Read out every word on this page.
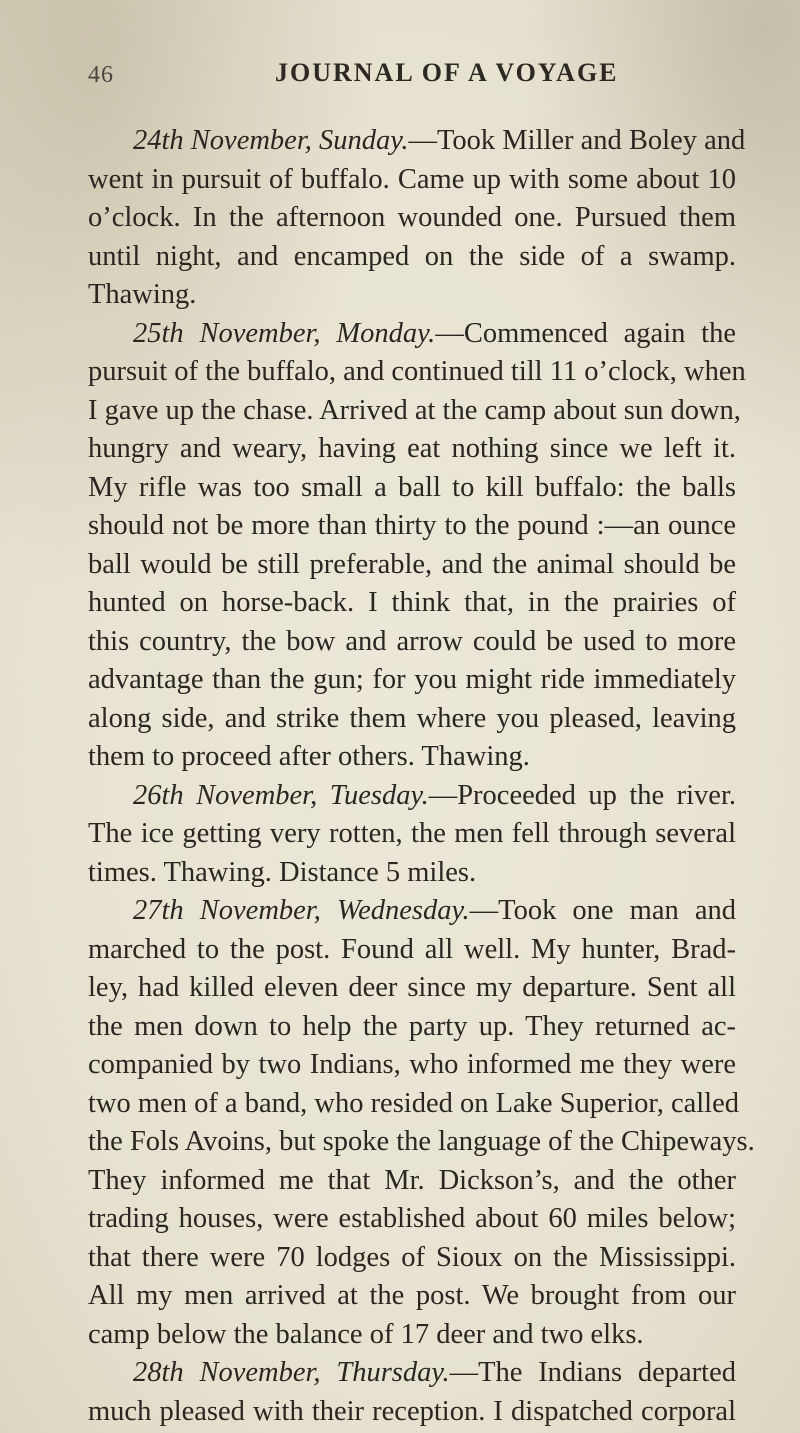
46	JOURNAL OF A VOYAGE
24th November, Sunday.—Took Miller and Boley and
went in pursuit of buffalo. Came up with some about 10
o’clock. In the afternoon wounded one. Pursued them
until night, and encamped on the side of a swamp.
Thawing.
25th November, Monday.—Commenced again the
pursuit of the buffalo, and continued till 11 o’clock, when
I gave up the chase. Arrived at the camp about sun down,
hungry and weary, having eat nothing since we left it.
My rifle was too small a ball to kill buffalo: the balls
should not be more than thirty to the pound :—an ounce
ball would be still preferable, and the animal should be
hunted on horse-back. I think that, in the prairies of
this country, the bow and arrow could be used to more
advantage than the gun; for you might ride immediately
along side, and strike them where you pleased, leaving
them to proceed after others. Thawing.
26th November, Tuesday.—Proceeded up the river.
The ice getting very rotten, the men fell through several
times. Thawing. Distance 5 miles.
27th November, Wednesday.—Took one man and
marched to the post. Found all well. My hunter, Brad-
ley, had killed eleven deer since my departure. Sent all
the men down to help the party up. They returned ac-
companied by two Indians, who informed me they were
two men of a band, who resided on Lake Superior, called
the Fols Avoins, but spoke the language of the Chipeways.
They informed me that Mr. Dickson’s, and the other
trading houses, were established about 60 miles below;
that there were 70 lodges of Sioux on the Mississippi.
All my men arrived at the post. We brought from our
camp below the balance of 17 deer and two elks.
28th November, Thursday.—The Indians departed
much pleased with their reception. I dispatched corporal
